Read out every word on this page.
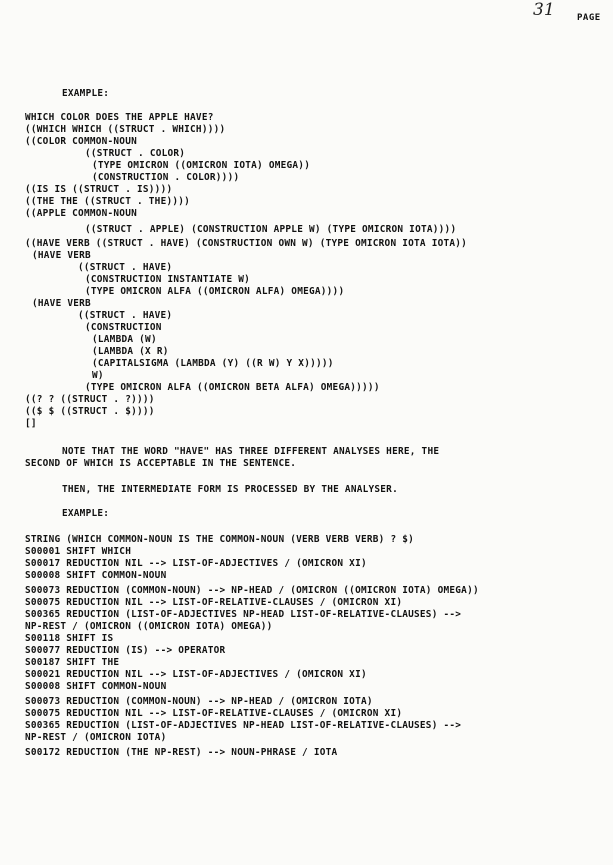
31 PAGE
EXAMPLE:
WHICH COLOR DOES THE APPLE HAVE?
((WHICH WHICH ((STRUCT . WHICH))))
((COLOR COMMON-NOUN
((STRUCT . COLOR)
(TYPE OMICRON ((OMICRON IOTA) OMEGA))
(CONSTRUCTION . COLOR))))
((IS IS ((STRUCT . IS))))
((THE THE ((STRUCT . THE))))
((APPLE COMMON-NOUN
((STRUCT . APPLE) (CONSTRUCTION APPLE W) (TYPE OMICRON IOTA))))
((HAVE VERB ((STRUCT . HAVE) (CONSTRUCTION OWN W) (TYPE OMICRON IOTA IOTA))
(HAVE VERB
((STRUCT . HAVE)
(CONSTRUCTION INSTANTIATE W)
(TYPE OMICRON ALFA ((OMICRON ALFA) OMEGA))))
(HAVE VERB
((STRUCT . HAVE)
(CONSTRUCTION
(LAMBDA (W)
(LAMBDA (X R)
(CAPITALSIGMA (LAMBDA (Y) ((R W) Y X)))))
W)
(TYPE OMICRON ALFA ((OMICRON BETA ALFA) OMEGA)))))
((? ? ((STRUCT . ?))))
(($ $ ((STRUCT . $))))
[]
NOTE THAT THE WORD "HAVE" HAS THREE DIFFERENT ANALYSES HERE, THE
SECOND OF WHICH IS ACCEPTABLE IN THE SENTENCE.
THEN, THE INTERMEDIATE FORM IS PROCESSED BY THE ANALYSER.
EXAMPLE:
STRING (WHICH COMMON-NOUN IS THE COMMON-NOUN (VERB VERB VERB) ? $)
S00001 SHIFT WHICH
S00017 REDUCTION NIL --> LIST-OF-ADJECTIVES / (OMICRON XI)
S00008 SHIFT COMMON-NOUN
S00073 REDUCTION (COMMON-NOUN) --> NP-HEAD / (OMICRON ((OMICRON IOTA) OMEGA))
S00075 REDUCTION NIL --> LIST-OF-RELATIVE-CLAUSES / (OMICRON XI)
S00365 REDUCTION (LIST-OF-ADJECTIVES NP-HEAD LIST-OF-RELATIVE-CLAUSES) -->
NP-REST / (OMICRON ((OMICRON IOTA) OMEGA))
S00118 SHIFT IS
S00077 REDUCTION (IS) --> OPERATOR
S00187 SHIFT THE
S00021 REDUCTION NIL --> LIST-OF-ADJECTIVES / (OMICRON XI)
S00008 SHIFT COMMON-NOUN
S00073 REDUCTION (COMMON-NOUN) --> NP-HEAD / (OMICRON IOTA)
S00075 REDUCTION NIL --> LIST-OF-RELATIVE-CLAUSES / (OMICRON XI)
S00365 REDUCTION (LIST-OF-ADJECTIVES NP-HEAD LIST-OF-RELATIVE-CLAUSES) -->
NP-REST / (OMICRON IOTA)
S00172 REDUCTION (THE NP-REST) --> NOUN-PHRASE / IOTA
